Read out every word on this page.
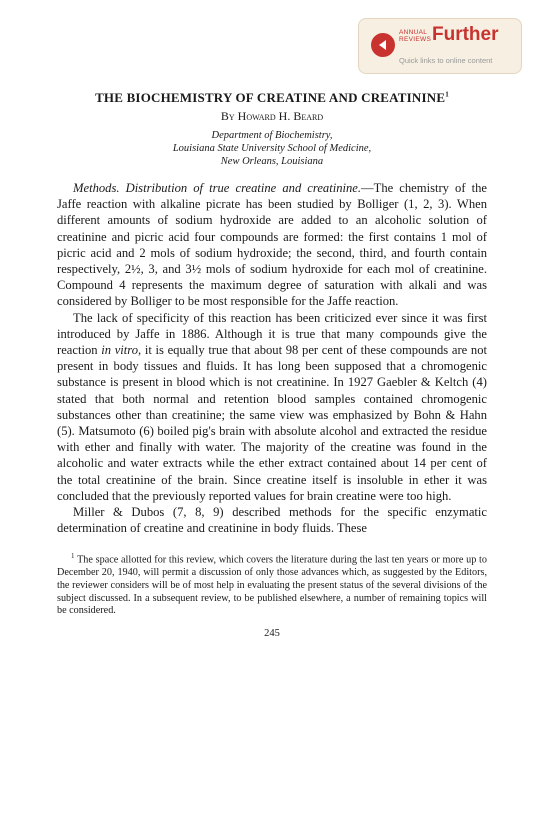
ANNUAL
REVIEWS Further
Quick links to online content
THE BIOCHEMISTRY OF CREATINE AND CREATININE$^1$
By Howard H. Beard
Department of Biochemistry,
Louisiana State University School of Medicine,
New Orleans, Louisiana

Methods. Distribution of true creatine and creatinine.—The chemistry of the Jaffe reaction with alkaline picrate has been studied by Bolliger (1, 2, 3). When different amounts of sodium hydroxide are added to an alcoholic solution of creatinine and picric acid four compounds are formed: the first contains 1 mol of picric acid and 2 mols of sodium hydroxide; the second, third, and fourth contain respectively, 2½, 3, and 3½ mols of sodium hydroxide for each mol of creatinine. Compound 4 represents the maximum degree of saturation with alkali and was considered by Bolliger to be most responsible for the Jaffe reaction.

The lack of specificity of this reaction has been criticized ever since it was first introduced by Jaffe in 1886. Although it is true that many compounds give the reaction in vitro, it is equally true that about 98 per cent of these compounds are not present in body tissues and fluids. It has long been supposed that a chromogenic substance is present in blood which is not creatinine. In 1927 Gaebler & Keltch (4) stated that both normal and retention blood samples contained chromogenic substances other than creatinine; the same view was emphasized by Bohn & Hahn (5). Matsumoto (6) boiled pig's brain with absolute alcohol and extracted the residue with ether and finally with water. The majority of the creatine was found in the alcoholic and water extracts while the ether extract contained about 14 per cent of the total creatinine of the brain. Since creatine itself is insoluble in ether it was concluded that the previously reported values for brain creatine were too high.

Miller & Dubos (7, 8, 9) described methods for the specific enzymatic determination of creatine and creatinine in body fluids. These

$^1$ The space allotted for this review, which covers the literature during the last ten years or more up to December 20, 1940, will permit a discussion of only those advances which, as suggested by the Editors, the reviewer considers will be of most help in evaluating the present status of the several divisions of the subject discussed. In a subsequent review, to be published elsewhere, a number of remaining topics will be considered.

245
